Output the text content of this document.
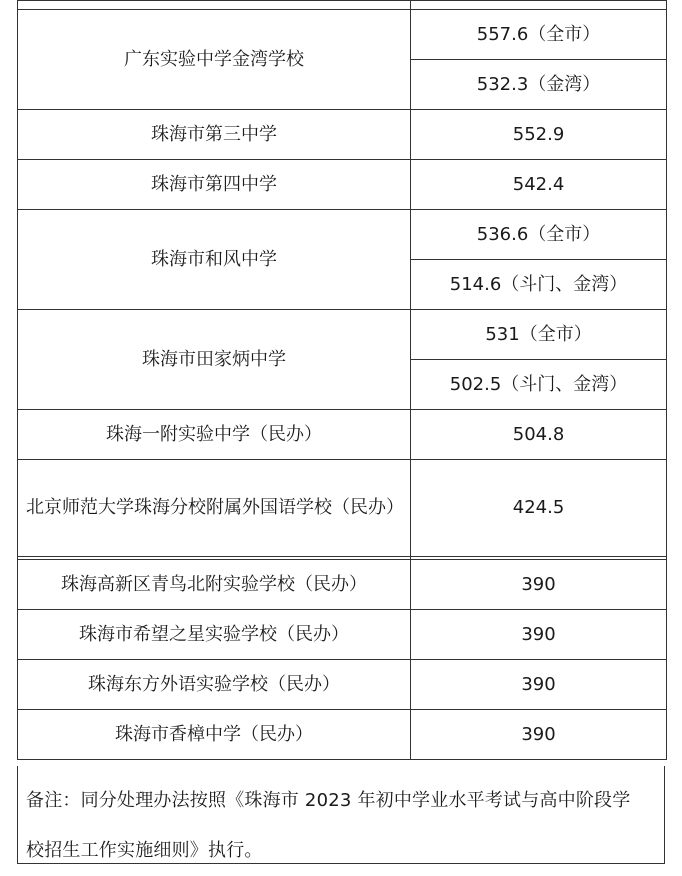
广东实验中学金湾学校	557.6（全市）
	532.3（金湾）
珠海市第三中学	552.9
珠海市第四中学	542.4
珠海市和风中学	536.6（全市）
	514.6（斗门、金湾）
珠海市田家炳中学	531（全市）
	502.5（斗门、金湾）
珠海一附实验中学（民办）	504.8
北京师范大学珠海分校附属外国语学校（民办）	424.5

珠海高新区青鸟北附实验学校（民办）	390
珠海市希望之星实验学校（民办）	390
珠海东方外语实验学校（民办）	390
珠海市香樟中学（民办）	390
备注：同分处理办法按照《珠海市 2023 年初中学业水平考试与高中阶段学
校招生工作实施细则》执行。
